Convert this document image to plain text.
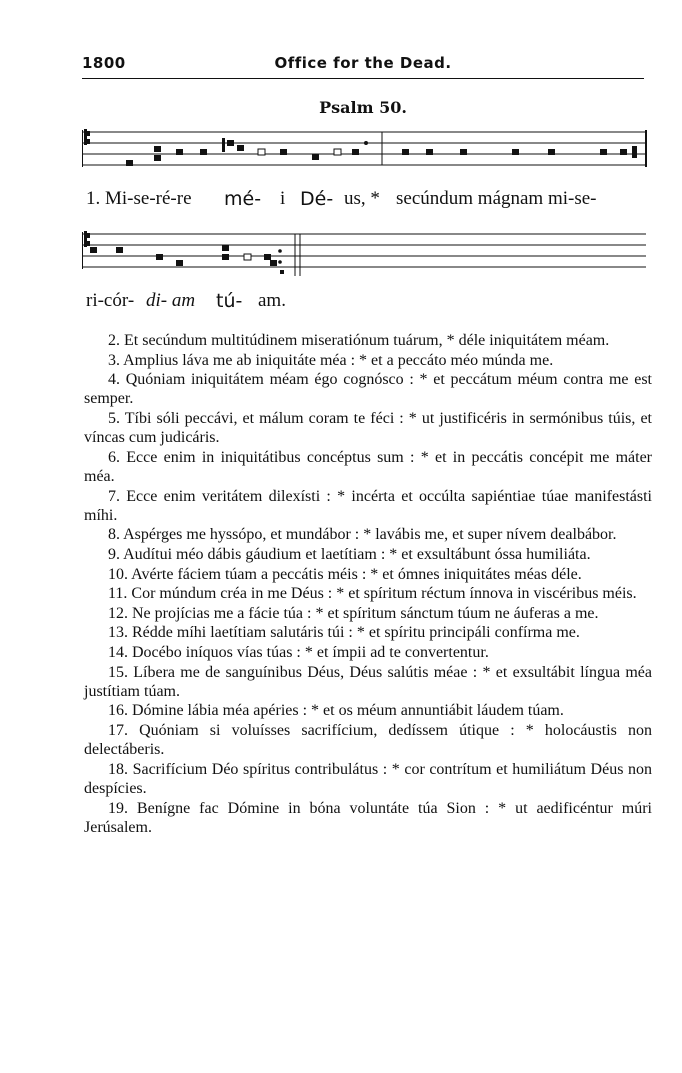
1800	Office for the Dead.
Psalm 50.

1. Mi-se-ré-re

mé-

i

Dé-

us, *

secúndum mágnam mi-se-

ri-cór-

di- am

tú-

am.

2. Et secúndum multitúdinem miseratiónum tuárum, * déle iniquitátem méam.

3. Amplius láva me ab iniquitáte méa : * et a peccáto méo múnda me.

4. Quóniam iniquitátem méam égo cognósco : * et peccátum méum contra me est semper.

5. Tíbi sóli peccávi, et málum coram te féci : * ut justificéris in sermónibus túis, et víncas cum judicáris.

6. Ecce enim in iniquitátibus concéptus sum : * et in peccátis concépit me máter méa.

7. Ecce enim veritátem dilexísti : * incérta et occúlta sapiéntiae túae manifestásti míhi.

8. Aspérges me hyssópo, et mundábor : * lavábis me, et super nívem dealbábor.

9. Audítui méo dábis gáudium et laetítiam : * et exsultábunt óssa humiliáta.

10. Avérte fáciem túam a peccátis méis : * et ómnes iniquitátes méas déle.

11. Cor múndum créa in me Déus : * et spíritum réctum ínnova in viscéribus méis.

12. Ne projícias me a fácie túa : * et spíritum sánctum túum ne áuferas a me.

13. Rédde míhi laetítiam salutáris túi : * et spíritu principáli confírma me.

14. Docébo iníquos vías túas : * et ímpii ad te convertentur.

15. Líbera me de sanguínibus Déus, Déus salútis méae : * et exsultábit língua méa justítiam túam.

16. Dómine lábia méa apéries : * et os méum annuntiábit láudem túam.

17. Quóniam si voluísses sacrifícium, dedíssem útique : * holocáustis non delectáberis.

18. Sacrifícium Déo spíritus contribulátus : * cor contrítum et humiliátum Déus non despícies.

19. Benígne fac Dómine in bóna voluntáte túa Sion : * ut aedificéntur múri Jerúsalem.
